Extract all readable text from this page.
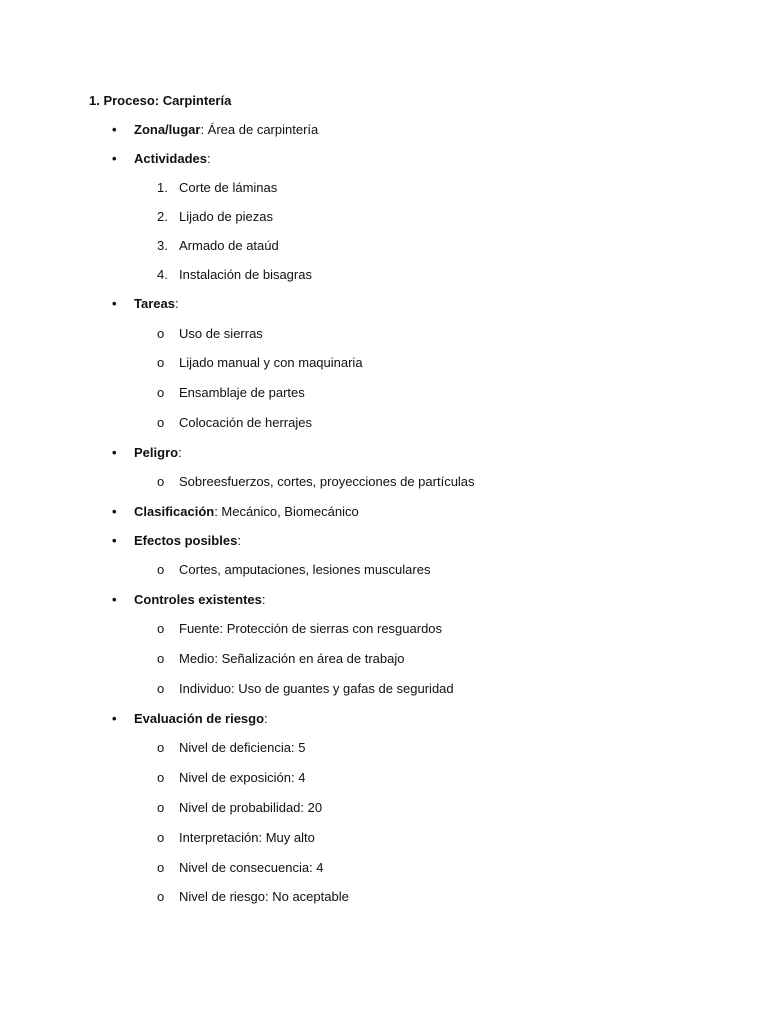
1. Proceso: Carpintería
• Zona/lugar: Área de carpintería
• Actividades:
1. Corte de láminas
2. Lijado de piezas
3. Armado de ataúd
4. Instalación de bisagras
• Tareas:
o Uso de sierras
o Lijado manual y con maquinaria
o Ensamblaje de partes
o Colocación de herrajes
• Peligro:
o Sobreesfuerzos, cortes, proyecciones de partículas
• Clasificación: Mecánico, Biomecánico
• Efectos posibles:
o Cortes, amputaciones, lesiones musculares
• Controles existentes:
o Fuente: Protección de sierras con resguardos
o Medio: Señalización en área de trabajo
o Individuo: Uso de guantes y gafas de seguridad
• Evaluación de riesgo:
o Nivel de deficiencia: 5
o Nivel de exposición: 4
o Nivel de probabilidad: 20
o Interpretación: Muy alto
o Nivel de consecuencia: 4
o Nivel de riesgo: No aceptable
